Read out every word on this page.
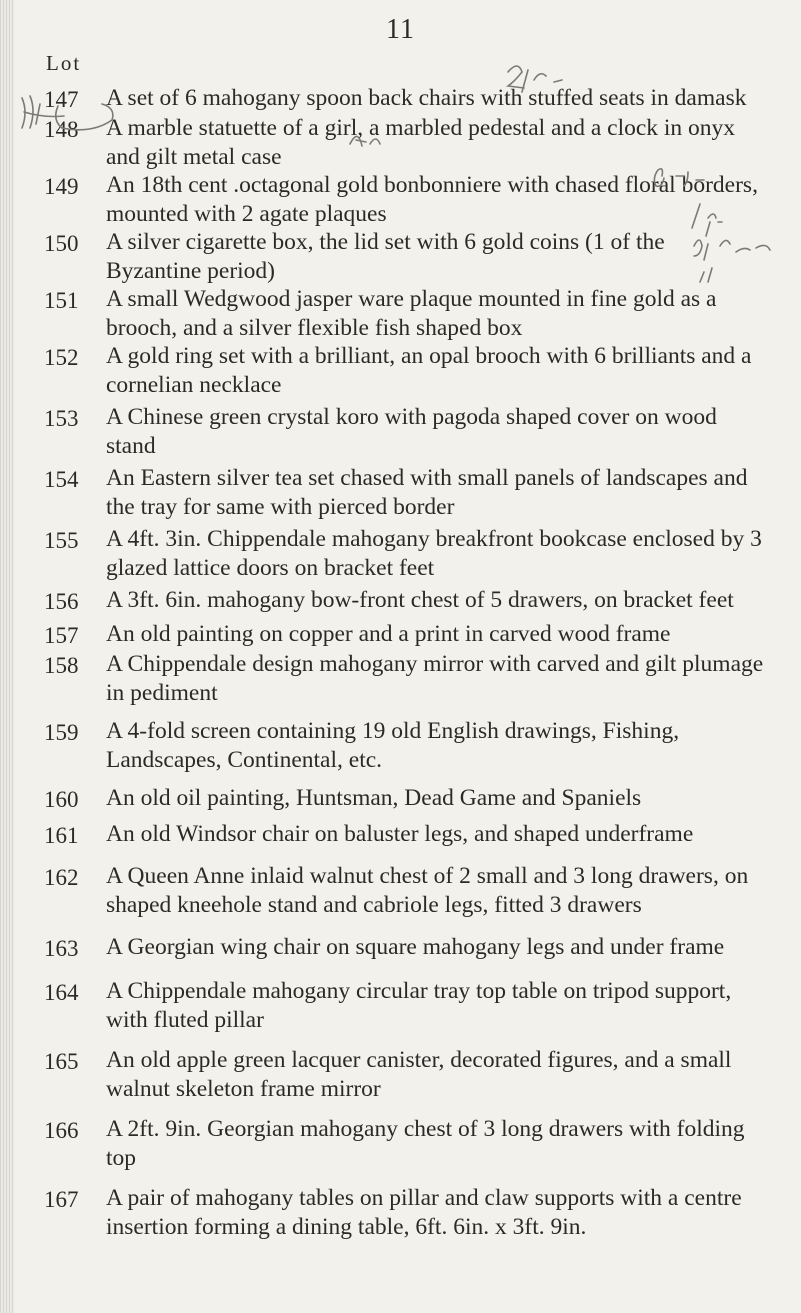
11
Lot
147	A set of 6 mahogany spoon back chairs with stuffed seats in damask
148	A marble statuette of a girl, a marbled pedestal and a clock in onyx and gilt metal case
149	An 18th cent .octagonal gold bonbonniere with chased floral borders, mounted with 2 agate plaques
150	A silver cigarette box, the lid set with 6 gold coins (1 of the Byzantine period)
151	A small Wedgwood jasper ware plaque mounted in fine gold as a brooch, and a silver flexible fish shaped box
152	A gold ring set with a brilliant, an opal brooch with 6 brilliants and a cornelian necklace
153	A Chinese green crystal koro with pagoda shaped cover on wood stand
154	An Eastern silver tea set chased with small panels of landscapes and the tray for same with pierced border
155	A 4ft. 3in. Chippendale mahogany breakfront bookcase enclosed by 3 glazed lattice doors on bracket feet
156	A 3ft. 6in. mahogany bow-front chest of 5 drawers, on bracket feet
157	An old painting on copper and a print in carved wood frame
158	A Chippendale design mahogany mirror with carved and gilt plumage in pediment
159	A 4-fold screen containing 19 old English drawings, Fishing, Landscapes, Continental, etc.
160	An old oil painting, Huntsman, Dead Game and Spaniels
161	An old Windsor chair on baluster legs, and shaped underframe
162	A Queen Anne inlaid walnut chest of 2 small and 3 long drawers, on shaped kneehole stand and cabriole legs, fitted 3 drawers
163	A Georgian wing chair on square mahogany legs and under frame
164	A Chippendale mahogany circular tray top table on tripod support, with fluted pillar
165	An old apple green lacquer canister, decorated figures, and a small walnut skeleton frame mirror
166	A 2ft. 9in. Georgian mahogany chest of 3 long drawers with folding top
167	A pair of mahogany tables on pillar and claw supports with a centre insertion forming a dining table, 6ft. 6in. x 3ft. 9in.
